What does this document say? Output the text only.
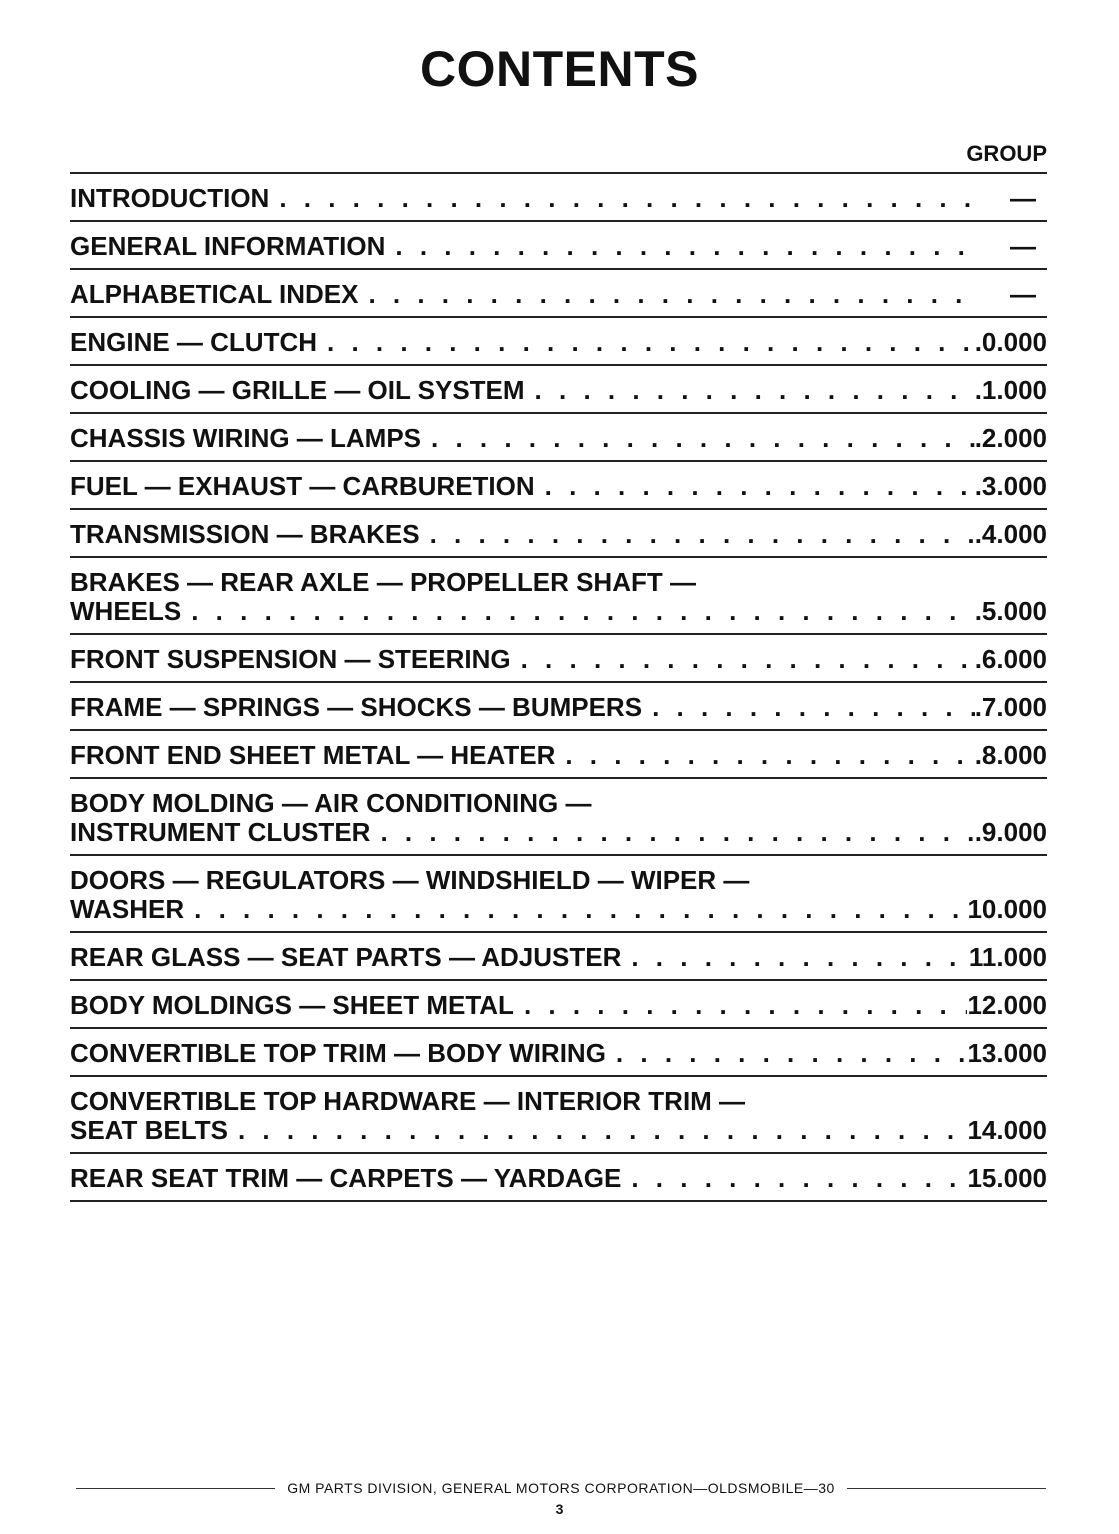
CONTENTS
GROUP
INTRODUCTION . . .	—
GENERAL INFORMATION . . .	—
ALPHABETICAL INDEX . . .	—
ENGINE — CLUTCH . . .	.0.000
COOLING — GRILLE — OIL SYSTEM . . .	.1.000
CHASSIS WIRING — LAMPS . . .	.2.000
FUEL — EXHAUST — CARBURETION . . .	.3.000
TRANSMISSION — BRAKES . . .	.4.000
BRAKES — REAR AXLE — PROPELLER SHAFT —
WHEELS . . .	.5.000
FRONT SUSPENSION — STEERING . . .	.6.000
FRAME — SPRINGS — SHOCKS — BUMPERS . . .	.7.000
FRONT END SHEET METAL — HEATER . . .	.8.000
BODY MOLDING — AIR CONDITIONING —
INSTRUMENT CLUSTER . . .	.9.000
DOORS — REGULATORS — WINDSHIELD — WIPER —
WASHER . . .	10.000
REAR GLASS — SEAT PARTS — ADJUSTER . . .	11.000
BODY MOLDINGS — SHEET METAL . . .	12.000
CONVERTIBLE TOP TRIM — BODY WIRING . . .	13.000
CONVERTIBLE TOP HARDWARE — INTERIOR TRIM —
SEAT BELTS . . .	14.000
REAR SEAT TRIM — CARPETS — YARDAGE . . .	15.000
GM PARTS DIVISION, GENERAL MOTORS CORPORATION—OLDSMOBILE—30
3
